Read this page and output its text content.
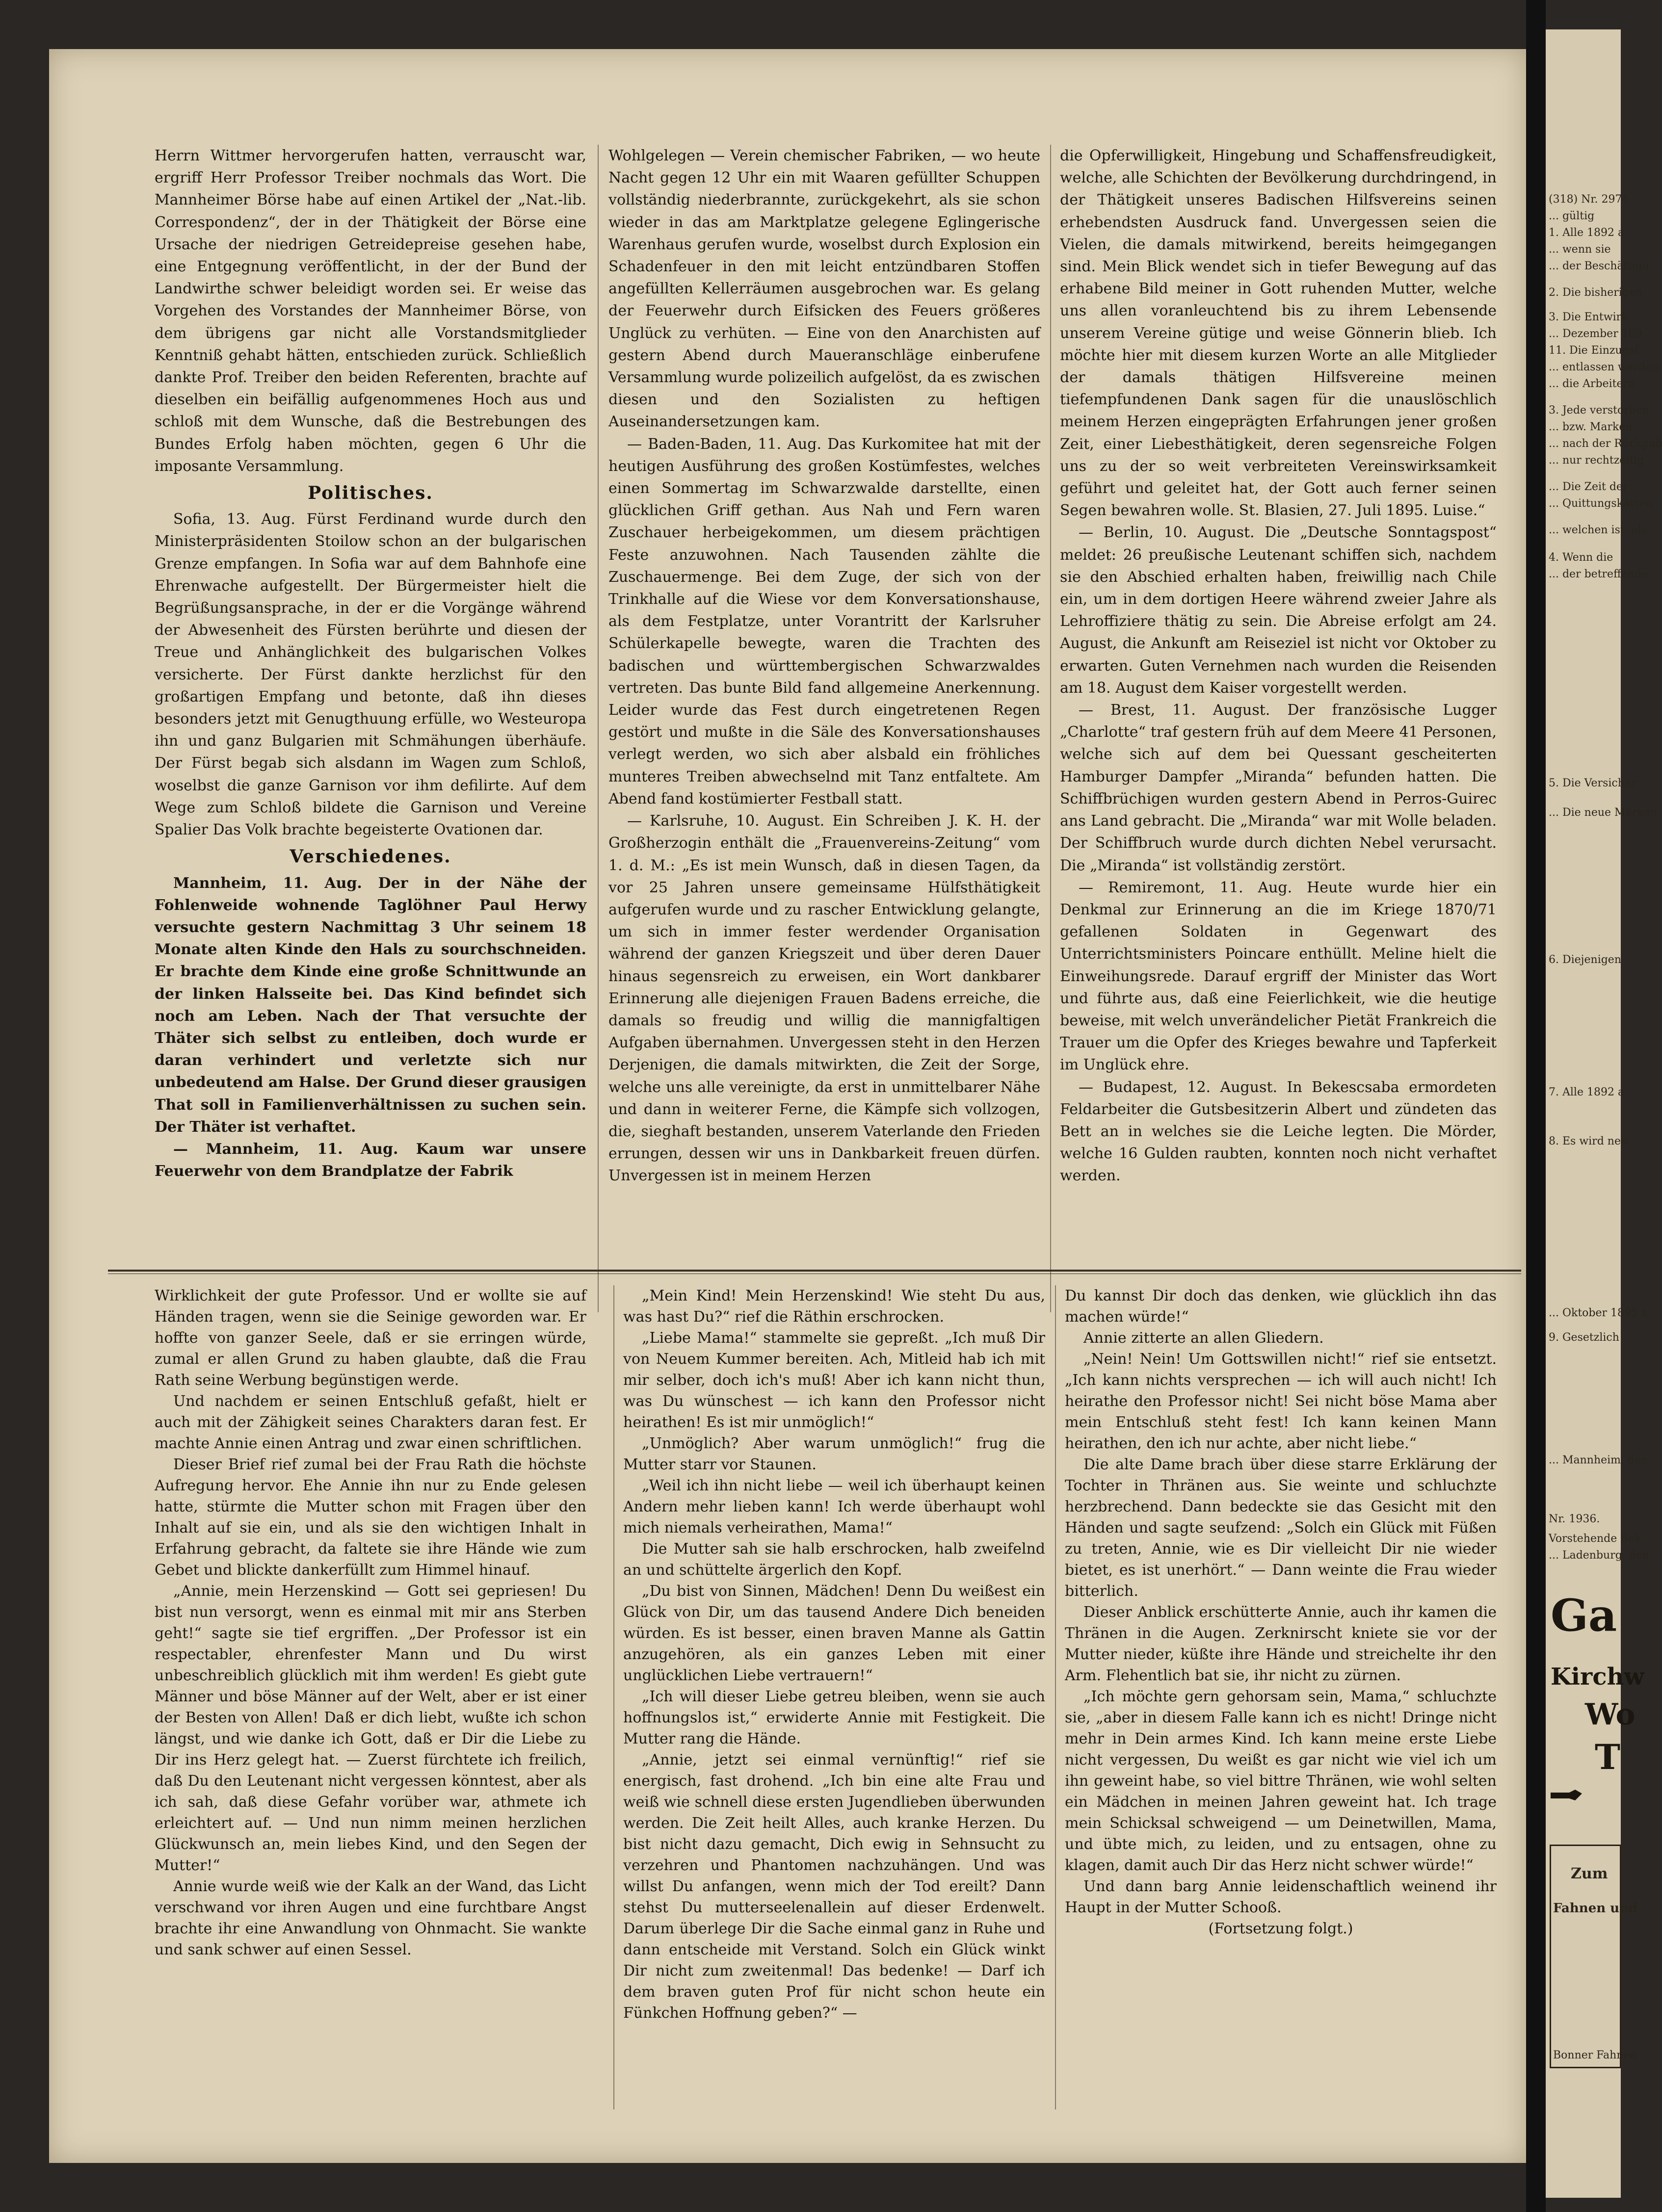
Herrn Wittmer hervorgerufen hatten, verrauscht war, ergriff Herr Professor Treiber nochmals das Wort. Die Mannheimer Börse habe auf einen Artikel der „Nat.-lib. Correspondenz“, der in der Thätigkeit der Börse eine Ursache der niedrigen Getreidepreise gesehen habe, eine Entgegnung veröffentlicht, in der der Bund der Landwirthe schwer beleidigt worden sei. Er weise das Vorgehen des Vorstandes der Mannheimer Börse, von dem übrigens gar nicht alle Vorstandsmitglieder Kenntniß gehabt hätten, entschieden zurück. Schließlich dankte Prof. Treiber den beiden Referenten, brachte auf dieselben ein beifällig aufgenommenes Hoch aus und schloß mit dem Wunsche, daß die Bestrebungen des Bundes Erfolg haben möchten, gegen 6 Uhr die imposante Versammlung.

Politisches.

Sofia, 13. Aug. Fürst Ferdinand wurde durch den Ministerpräsidenten Stoilow schon an der bulgarischen Grenze empfangen. In Sofia war auf dem Bahnhofe eine Ehrenwache aufgestellt. Der Bürgermeister hielt die Begrüßungsansprache, in der er die Vorgänge während der Abwesenheit des Fürsten berührte und diesen der Treue und Anhänglichkeit des bulgarischen Volkes versicherte. Der Fürst dankte herzlichst für den großartigen Empfang und betonte, daß ihn dieses besonders jetzt mit Genugthuung erfülle, wo Westeuropa ihn und ganz Bulgarien mit Schmähungen überhäufe. Der Fürst begab sich alsdann im Wagen zum Schloß, woselbst die ganze Garnison vor ihm defilirte. Auf dem Wege zum Schloß bildete die Garnison und Vereine Spalier Das Volk brachte begeisterte Ovationen dar.

Verschiedenes.

Mannheim, 11. Aug. Der in der Nähe der Fohlenweide wohnende Taglöhner Paul Herwy versuchte gestern Nachmittag 3 Uhr seinem 18 Monate alten Kinde den Hals zu sourchschneiden. Er brachte dem Kinde eine große Schnittwunde an der linken Halsseite bei. Das Kind befindet sich noch am Leben. Nach der That versuchte der Thäter sich selbst zu entleiben, doch wurde er daran verhindert und verletzte sich nur unbedeutend am Halse. Der Grund dieser grausigen That soll in Familienverhältnissen zu suchen sein. Der Thäter ist verhaftet.

— Mannheim, 11. Aug. Kaum war unsere Feuerwehr von dem Brandplatze der Fabrik

Wohlgelegen — Verein chemischer Fabriken, — wo heute Nacht gegen 12 Uhr ein mit Waaren gefüllter Schuppen vollständig niederbrannte, zurückgekehrt, als sie schon wieder in das am Marktplatze gelegene Eglingerische Warenhaus gerufen wurde, woselbst durch Explosion ein Schadenfeuer in den mit leicht entzündbaren Stoffen angefüllten Kellerräumen ausgebrochen war. Es gelang der Feuerwehr durch Eifsicken des Feuers größeres Unglück zu verhüten. — Eine von den Anarchisten auf gestern Abend durch Maueranschläge einberufene Versammlung wurde polizeilich aufgelöst, da es zwischen diesen und den Sozialisten zu heftigen Auseinandersetzungen kam.

— Baden-Baden, 11. Aug. Das Kurkomitee hat mit der heutigen Ausführung des großen Kostümfestes, welches einen Sommertag im Schwarzwalde darstellte, einen glücklichen Griff gethan. Aus Nah und Fern waren Zuschauer herbeigekommen, um diesem prächtigen Feste anzuwohnen. Nach Tausenden zählte die Zuschauermenge. Bei dem Zuge, der sich von der Trinkhalle auf die Wiese vor dem Konversationshause, als dem Festplatze, unter Vorantritt der Karlsruher Schülerkapelle bewegte, waren die Trachten des badischen und württembergischen Schwarzwaldes vertreten. Das bunte Bild fand allgemeine Anerkennung. Leider wurde das Fest durch eingetretenen Regen gestört und mußte in die Säle des Konversationshauses verlegt werden, wo sich aber alsbald ein fröhliches munteres Treiben abwechselnd mit Tanz entfaltete. Am Abend fand kostümierter Festball statt.

— Karlsruhe, 10. August. Ein Schreiben J. K. H. der Großherzogin enthält die „Frauenvereins-Zeitung“ vom 1. d. M.: „Es ist mein Wunsch, daß in diesen Tagen, da vor 25 Jahren unsere gemeinsame Hülfsthätigkeit aufgerufen wurde und zu rascher Entwicklung gelangte, um sich in immer fester werdender Organisation während der ganzen Kriegszeit und über deren Dauer hinaus segensreich zu erweisen, ein Wort dankbarer Erinnerung alle diejenigen Frauen Badens erreiche, die damals so freudig und willig die mannigfaltigen Aufgaben übernahmen. Unvergessen steht in den Herzen Derjenigen, die damals mitwirkten, die Zeit der Sorge, welche uns alle vereinigte, da erst in unmittelbarer Nähe und dann in weiterer Ferne, die Kämpfe sich vollzogen, die, sieghaft bestanden, unserem Vaterlande den Frieden errungen, dessen wir uns in Dankbarkeit freuen dürfen. Unvergessen ist in meinem Herzen

die Opferwilligkeit, Hingebung und Schaffensfreudigkeit, welche, alle Schichten der Bevölkerung durchdringend, in der Thätigkeit unseres Badischen Hilfsvereins seinen erhebendsten Ausdruck fand. Unvergessen seien die Vielen, die damals mitwirkend, bereits heimgegangen sind. Mein Blick wendet sich in tiefer Bewegung auf das erhabene Bild meiner in Gott ruhenden Mutter, welche uns allen voranleuchtend bis zu ihrem Lebensende unserem Vereine gütige und weise Gönnerin blieb. Ich möchte hier mit diesem kurzen Worte an alle Mitglieder der damals thätigen Hilfsvereine meinen tiefempfundenen Dank sagen für die unauslöschlich meinem Herzen eingeprägten Erfahrungen jener großen Zeit, einer Liebesthätigkeit, deren segensreiche Folgen uns zu der so weit verbreiteten Vereinswirksamkeit geführt und geleitet hat, der Gott auch ferner seinen Segen bewahren wolle. St. Blasien, 27. Juli 1895. Luise.“

— Berlin, 10. August. Die „Deutsche Sonntagspost“ meldet: 26 preußische Leutenant schiffen sich, nachdem sie den Abschied erhalten haben, freiwillig nach Chile ein, um in dem dortigen Heere während zweier Jahre als Lehroffiziere thätig zu sein. Die Abreise erfolgt am 24. August, die Ankunft am Reiseziel ist nicht vor Oktober zu erwarten. Guten Vernehmen nach wurden die Reisenden am 18. August dem Kaiser vorgestellt werden.

— Brest, 11. August. Der französische Lugger „Charlotte“ traf gestern früh auf dem Meere 41 Personen, welche sich auf dem bei Quessant gescheiterten Hamburger Dampfer „Miranda“ befunden hatten. Die Schiffbrüchigen wurden gestern Abend in Perros-Guirec ans Land gebracht. Die „Miranda“ war mit Wolle beladen. Der Schiffbruch wurde durch dichten Nebel verursacht. Die „Miranda“ ist vollständig zerstört.

— Remiremont, 11. Aug. Heute wurde hier ein Denkmal zur Erinnerung an die im Kriege 1870/71 gefallenen Soldaten in Gegenwart des Unterrichtsministers Poincare enthüllt. Meline hielt die Einweihungsrede. Darauf ergriff der Minister das Wort und führte aus, daß eine Feierlichkeit, wie die heutige beweise, mit welch unverändelicher Pietät Frankreich die Trauer um die Opfer des Krieges bewahre und Tapferkeit im Unglück ehre.

— Budapest, 12. August. In Bekescsaba ermordeten Feldarbeiter die Gutsbesitzerin Albert und zündeten das Bett an in welches sie die Leiche legten. Die Mörder, welche 16 Gulden raubten, konnten noch nicht verhaftet werden.

Wirklichkeit der gute Professor. Und er wollte sie auf Händen tragen, wenn sie die Seinige geworden war. Er hoffte von ganzer Seele, daß er sie erringen würde, zumal er allen Grund zu haben glaubte, daß die Frau Rath seine Werbung begünstigen werde.

Und nachdem er seinen Entschluß gefaßt, hielt er auch mit der Zähigkeit seines Charakters daran fest. Er machte Annie einen Antrag und zwar einen schriftlichen.

Dieser Brief rief zumal bei der Frau Rath die höchste Aufregung hervor. Ehe Annie ihn nur zu Ende gelesen hatte, stürmte die Mutter schon mit Fragen über den Inhalt auf sie ein, und als sie den wichtigen Inhalt in Erfahrung gebracht, da faltete sie ihre Hände wie zum Gebet und blickte dankerfüllt zum Himmel hinauf.

„Annie, mein Herzenskind — Gott sei gepriesen! Du bist nun versorgt, wenn es einmal mit mir ans Sterben geht!“ sagte sie tief ergriffen. „Der Professor ist ein respectabler, ehrenfester Mann und Du wirst unbeschreiblich glücklich mit ihm werden! Es giebt gute Männer und böse Männer auf der Welt, aber er ist einer der Besten von Allen! Daß er dich liebt, wußte ich schon längst, und wie danke ich Gott, daß er Dir die Liebe zu Dir ins Herz gelegt hat. — Zuerst fürchtete ich freilich, daß Du den Leutenant nicht vergessen könntest, aber als ich sah, daß diese Gefahr vorüber war, athmete ich erleichtert auf. — Und nun nimm meinen herzlichen Glückwunsch an, mein liebes Kind, und den Segen der Mutter!“

Annie wurde weiß wie der Kalk an der Wand, das Licht verschwand vor ihren Augen und eine furchtbare Angst brachte ihr eine Anwandlung von Ohnmacht. Sie wankte und sank schwer auf einen Sessel.

„Mein Kind! Mein Herzenskind! Wie steht Du aus, was hast Du?“ rief die Räthin erschrocken.

„Liebe Mama!“ stammelte sie gepreßt. „Ich muß Dir von Neuem Kummer bereiten. Ach, Mitleid hab ich mit mir selber, doch ich's muß! Aber ich kann nicht thun, was Du wünschest — ich kann den Professor nicht heirathen! Es ist mir unmöglich!“

„Unmöglich? Aber warum unmöglich!“ frug die Mutter starr vor Staunen.

„Weil ich ihn nicht liebe — weil ich überhaupt keinen Andern mehr lieben kann! Ich werde überhaupt wohl mich niemals verheirathen, Mama!“

Die Mutter sah sie halb erschrocken, halb zweifelnd an und schüttelte ärgerlich den Kopf.

„Du bist von Sinnen, Mädchen! Denn Du weißest ein Glück von Dir, um das tausend Andere Dich beneiden würden. Es ist besser, einen braven Manne als Gattin anzugehören, als ein ganzes Leben mit einer unglücklichen Liebe vertrauern!“

„Ich will dieser Liebe getreu bleiben, wenn sie auch hoffnungslos ist,“ erwiderte Annie mit Festigkeit. Die Mutter rang die Hände.

„Annie, jetzt sei einmal vernünftig!“ rief sie energisch, fast drohend. „Ich bin eine alte Frau und weiß wie schnell diese ersten Jugendlieben überwunden werden. Die Zeit heilt Alles, auch kranke Herzen. Du bist nicht dazu gemacht, Dich ewig in Sehnsucht zu verzehren und Phantomen nachzuhängen. Und was willst Du anfangen, wenn mich der Tod ereilt? Dann stehst Du mutterseelenallein auf dieser Erdenwelt. Darum überlege Dir die Sache einmal ganz in Ruhe und dann entscheide mit Verstand. Solch ein Glück winkt Dir nicht zum zweitenmal! Das bedenke! — Darf ich dem braven guten Prof für nicht schon heute ein Fünkchen Hoffnung geben?“ —

Du kannst Dir doch das denken, wie glücklich ihn das machen würde!“

Annie zitterte an allen Gliedern.

„Nein! Nein! Um Gottswillen nicht!“ rief sie entsetzt. „Ich kann nichts versprechen — ich will auch nicht! Ich heirathe den Professor nicht! Sei nicht böse Mama aber mein Entschluß steht fest! Ich kann keinen Mann heirathen, den ich nur achte, aber nicht liebe.“

Die alte Dame brach über diese starre Erklärung der Tochter in Thränen aus. Sie weinte und schluchzte herzbrechend. Dann bedeckte sie das Gesicht mit den Händen und sagte seufzend: „Solch ein Glück mit Füßen zu treten, Annie, wie es Dir vielleicht Dir nie wieder bietet, es ist unerhört.“ — Dann weinte die Frau wieder bitterlich.

Dieser Anblick erschütterte Annie, auch ihr kamen die Thränen in die Augen. Zerknirscht kniete sie vor der Mutter nieder, küßte ihre Hände und streichelte ihr den Arm. Flehentlich bat sie, ihr nicht zu zürnen.

„Ich möchte gern gehorsam sein, Mama,“ schluchzte sie, „aber in diesem Falle kann ich es nicht! Dringe nicht mehr in Dein armes Kind. Ich kann meine erste Liebe nicht vergessen, Du weißt es gar nicht wie viel ich um ihn geweint habe, so viel bittre Thränen, wie wohl selten ein Mädchen in meinen Jahren geweint hat. Ich trage mein Schicksal schweigend — um Deinetwillen, Mama, und übte mich, zu leiden, und zu entsagen, ohne zu klagen, damit auch Dir das Herz nicht schwer würde!“

Und dann barg Annie leidenschaftlich weinend ihr Haupt in der Mutter Schooß.

(Fortsetzung folgt.)

(318) Nr. 2974
... gültig
1. Alle 1892 a
... wenn sie
... der Beschäftigu
2. Die bisherigen
3. Die Entwirk
... Dezember 189
11. Die Einzugsf
... entlassen werden
... die Arbeitern
3. Jede verstorben
... bzw. Marken
... nach der Rückgab
... nur rechtzeitig
... Die Zeit der
... Quittungskarten
... welchen ist, als
4. Wenn die
... der betreffende
5. Die Versicher
... Die neue Marken
6. Diejenigen
7. Alle 1892 a
8. Es wird neu
... Oktober 1895 a
9. Gesetzlich
... Mannheim, den
Nr. 1936.
Vorstehende Bek
... Ladenburg, den
Ga
Kirchw
Wo
T
Zum
Fahnen und
Bonner Fahnen
